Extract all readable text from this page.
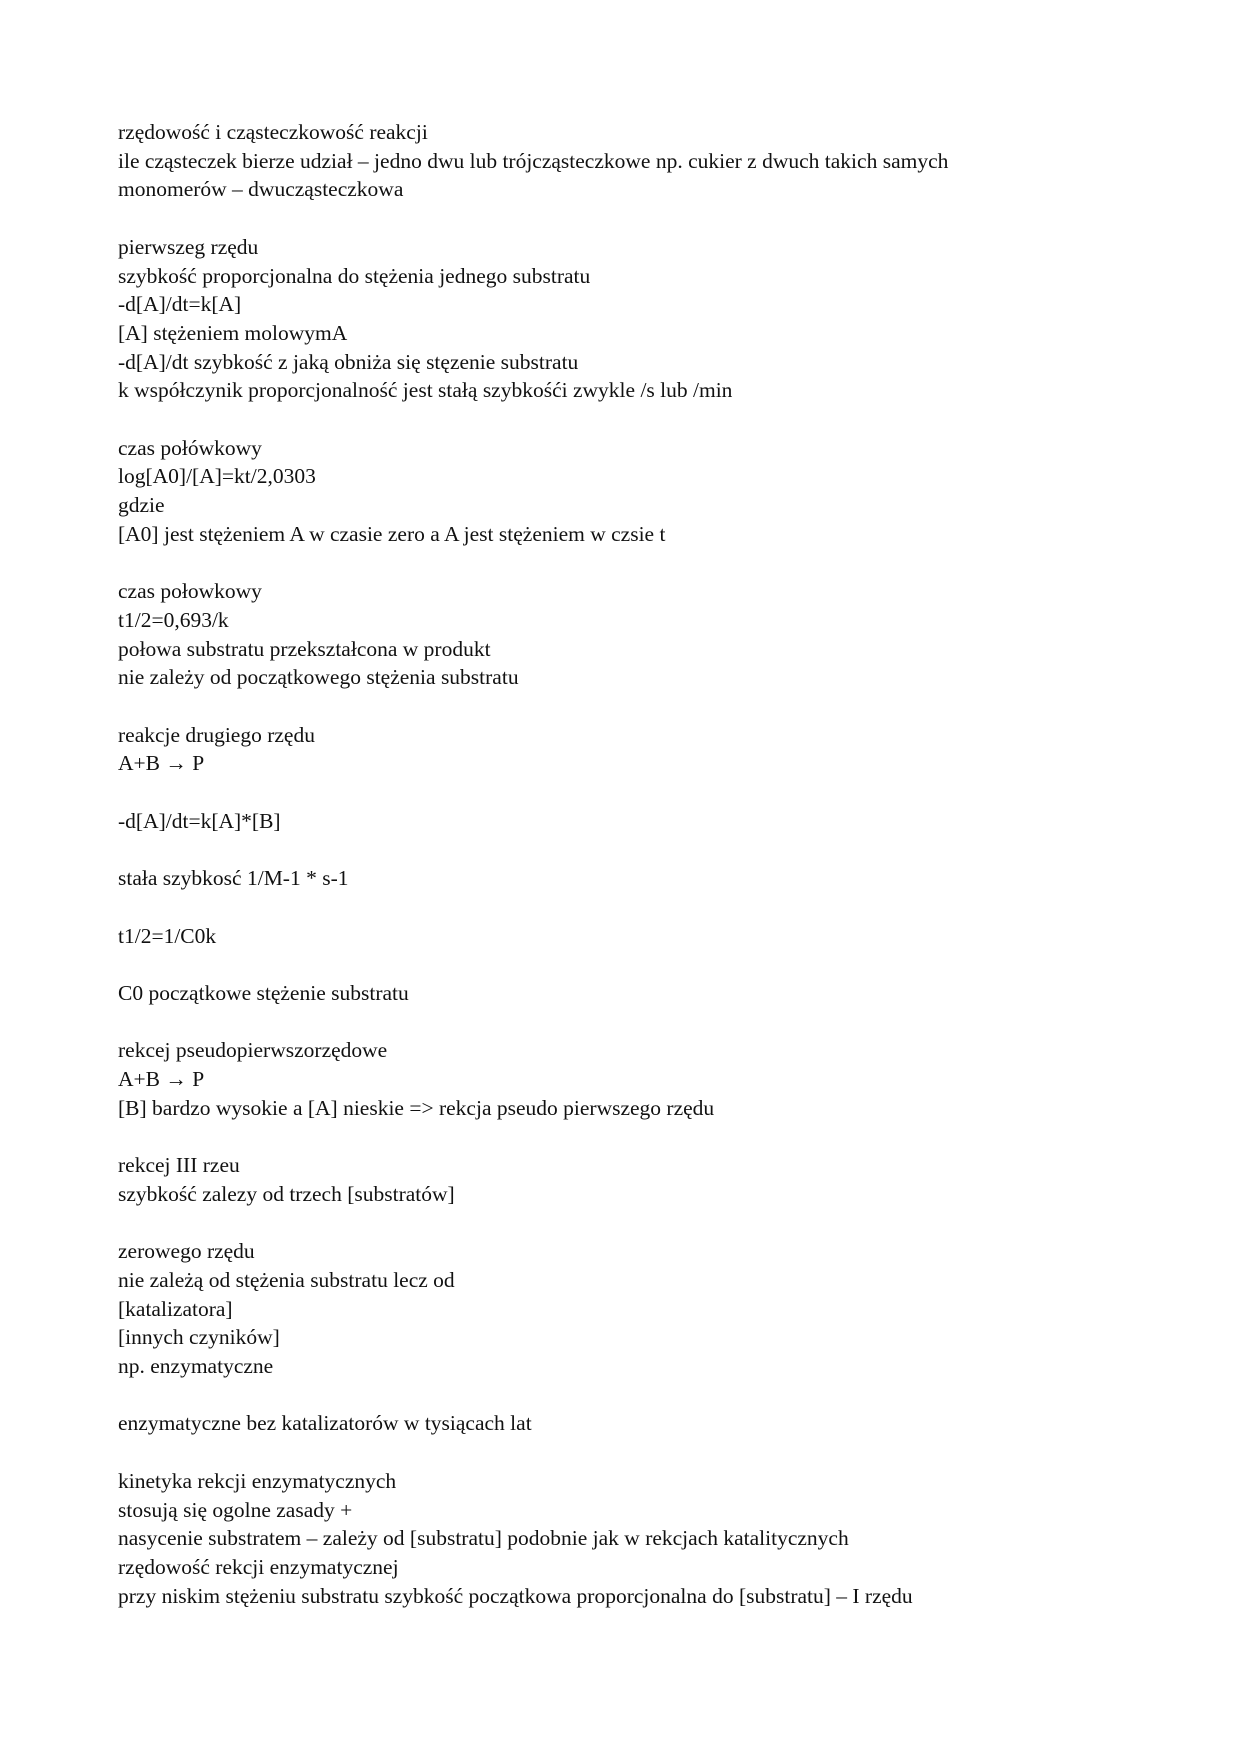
rzędowość i cząsteczkowość reakcji
ile cząsteczek bierze udział – jedno dwu lub trójcząsteczkowe np. cukier z dwuch takich samych
monomerów – dwucząsteczkowa
pierwszeg rzędu
szybkość proporcjonalna do stężenia jednego substratu
-d[A]/dt=k[A]
[A] stężeniem molowymA
-d[A]/dt szybkość z jaką obniża się stęzenie substratu
k współczynik proporcjonalność jest stałą szybkośći zwykle /s lub /min
czas połówkowy
log[A0]/[A]=kt/2,0303
gdzie
[A0] jest stężeniem A w czasie zero a A jest stężeniem w czsie t
czas połowkowy
t1/2=0,693/k
połowa substratu przekształcona w produkt
nie zależy od początkowego stężenia substratu
reakcje drugiego rzędu
A+B → P
-d[A]/dt=k[A]*[B]
stała szybkosć 1/M-1 * s-1
t1/2=1/C0k
C0 początkowe stężenie substratu
rekcej pseudopierwszorzędowe
A+B → P
[B] bardzo wysokie a [A] nieskie => rekcja pseudo pierwszego rzędu
rekcej III rzeu
szybkość zalezy od trzech [substratów]
zerowego rzędu
nie zależą od stężenia substratu lecz od
[katalizatora]
[innych czyników]
np. enzymatyczne
enzymatyczne bez katalizatorów w tysiącach lat
kinetyka rekcji enzymatycznych
stosują się ogolne zasady +
nasycenie substratem – zależy od [substratu] podobnie jak w rekcjach katalitycznych
rzędowość rekcji enzymatycznej
przy niskim stężeniu substratu szybkość początkowa proporcjonalna do [substratu] – I rzędu
